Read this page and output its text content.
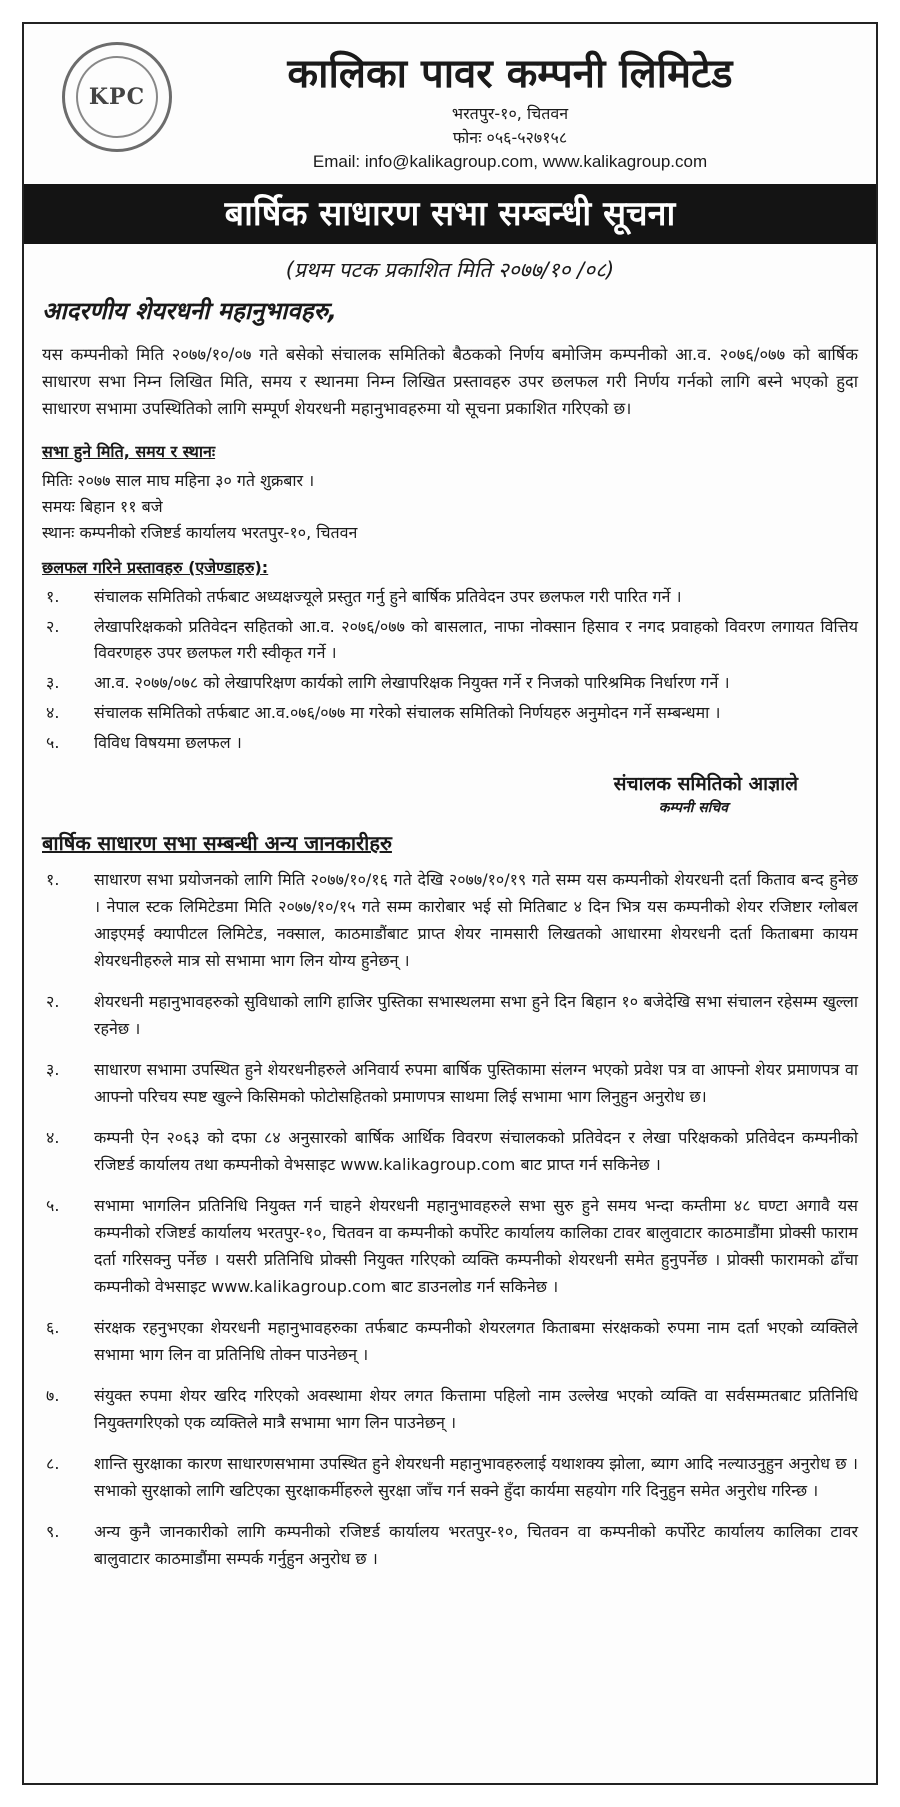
KPC	कालिका पावर कम्पनी लिमिटेड
भरतपुर-१०, चितवन
फोनः ०५६-५२७१५८
Email: info@kalikagroup.com, www.kalikagroup.com
बार्षिक साधारण सभा सम्बन्धी सूचना
(प्रथम पटक प्रकाशित मिति २०७७/१० /०८)
आदरणीय शेयरधनी महानुभावहरु,
यस कम्पनीको मिति २०७७/१०/०७ गते बसेको संचालक समितिको बैठकको निर्णय बमोजिम कम्पनीको आ.व. २०७६/०७७ को बार्षिक साधारण सभा निम्न लिखित मिति, समय र स्थानमा निम्न लिखित प्रस्तावहरु उपर छलफल गरी निर्णय गर्नको लागि बस्ने भएको हुदा साधारण सभामा उपस्थितिको लागि सम्पूर्ण शेयरधनी महानुभावहरुमा यो सूचना प्रकाशित गरिएको छ।
सभा हुने मिति, समय र स्थानः
मितिः २०७७ साल माघ महिना ३० गते शुक्रबार ।
समयः बिहान ११ बजे
स्थानः कम्पनीको रजिष्टर्ड कार्यालय भरतपुर-१०, चितवन
छलफल गरिने प्रस्तावहरु (एजेण्डाहरु):
१.	संचालक समितिको तर्फबाट अध्यक्षज्यूले प्रस्तुत गर्नु हुने बार्षिक प्रतिवेदन उपर छलफल गरी पारित गर्ने ।
२.	लेखापरिक्षकको प्रतिवेदन सहितको आ.व. २०७६/०७७ को बासलात, नाफा नोक्सान हिसाव र नगद प्रवाहको विवरण लगायत वित्तिय विवरणहरु उपर छलफल गरी स्वीकृत गर्ने ।
३.	आ.व. २०७७/०७८ को लेखापरिक्षण कार्यको लागि लेखापरिक्षक नियुक्त गर्ने र निजको पारिश्रमिक निर्धारण गर्ने ।
४.	संचालक समितिको तर्फबाट आ.व.०७६/०७७ मा गरेको संचालक समितिको निर्णयहरु अनुमोदन गर्ने सम्बन्धमा ।
५.	विविध विषयमा छलफल ।
संचालक समितिको आज्ञाले
कम्पनी सचिव
बार्षिक साधारण सभा सम्बन्धी अन्य जानकारीहरु
१.	साधारण सभा प्रयोजनको लागि मिति २०७७/१०/१६ गते देखि २०७७/१०/१९ गते सम्म यस कम्पनीको शेयरधनी दर्ता किताव बन्द हुनेछ । नेपाल स्टक लिमिटेडमा मिति २०७७/१०/१५ गते सम्म कारोबार भई सो मितिबाट ४ दिन भित्र यस कम्पनीको शेयर रजिष्टार ग्लोबल आइएमई क्यापीटल लिमिटेड, नक्साल, काठमाडौंबाट प्राप्त शेयर नामसारी लिखतको आधारमा शेयरधनी दर्ता किताबमा कायम शेयरधनीहरुले मात्र सो सभामा भाग लिन योग्य हुनेछन् ।
२.	शेयरधनी महानुभावहरुको सुविधाको लागि हाजिर पुस्तिका सभास्थलमा सभा हुने दिन बिहान १० बजेदेखि सभा संचालन रहेसम्म खुल्ला रहनेछ ।
३.	साधारण सभामा उपस्थित हुने शेयरधनीहरुले अनिवार्य रुपमा बार्षिक पुस्तिकामा संलग्न भएको प्रवेश पत्र वा आफ्नो शेयर प्रमाणपत्र वा आफ्नो परिचय स्पष्ट खुल्ने किसिमको फोटोसहितको प्रमाणपत्र साथमा लिई सभामा भाग लिनुहुन अनुरोध छ।
४.	कम्पनी ऐन २०६३ को दफा ८४ अनुसारको बार्षिक आर्थिक विवरण संचालकको प्रतिवेदन र लेखा परिक्षकको प्रतिवेदन कम्पनीको रजिष्टर्ड कार्यालय तथा कम्पनीको वेभसाइट www.kalikagroup.com बाट प्राप्त गर्न सकिनेछ ।
५.	सभामा भागलिन प्रतिनिधि नियुक्त गर्न चाहने शेयरधनी महानुभावहरुले सभा सुरु हुने समय भन्दा कम्तीमा ४८ घण्टा अगावै यस कम्पनीको रजिष्टर्ड कार्यालय भरतपुर-१०, चितवन वा कम्पनीको कर्पोरेट कार्यालय कालिका टावर बालुवाटार काठमाडौंमा प्रोक्सी फाराम दर्ता गरिसक्नु पर्नेछ । यसरी प्रतिनिधि प्रोक्सी नियुक्त गरिएको व्यक्ति कम्पनीको शेयरधनी समेत हुनुपर्नेछ । प्रोक्सी फारामको ढाँचा कम्पनीको वेभसाइट www.kalikagroup.com बाट डाउनलोड गर्न सकिनेछ ।
६.	संरक्षक रहनुभएका शेयरधनी महानुभावहरुका तर्फबाट कम्पनीको शेयरलगत किताबमा संरक्षकको रुपमा नाम दर्ता भएको व्यक्तिले सभामा भाग लिन वा प्रतिनिधि तोक्न पाउनेछन् ।
७.	संयुक्त रुपमा शेयर खरिद गरिएको अवस्थामा शेयर लगत कित्तामा पहिलो नाम उल्लेख भएको व्यक्ति वा सर्वसम्मतबाट प्रतिनिधि नियुक्तगरिएको एक व्यक्तिले मात्रै सभामा भाग लिन पाउनेछन् ।
८.	शान्ति सुरक्षाका कारण साधारणसभामा उपस्थित हुने शेयरधनी महानुभावहरुलाई यथाशक्य झोला, ब्याग आदि नल्याउनुहुन अनुरोध छ । सभाको सुरक्षाको लागि खटिएका सुरक्षाकर्मीहरुले सुरक्षा जाँच गर्न सक्ने हुँदा कार्यमा सहयोग गरि दिनुहुन समेत अनुरोध गरिन्छ ।
९.	अन्य कुनै जानकारीको लागि कम्पनीको रजिष्टर्ड कार्यालय भरतपुर-१०, चितवन वा कम्पनीको कर्पोरेट कार्यालय कालिका टावर बालुवाटार काठमाडौंमा सम्पर्क गर्नुहुन अनुरोध छ ।
